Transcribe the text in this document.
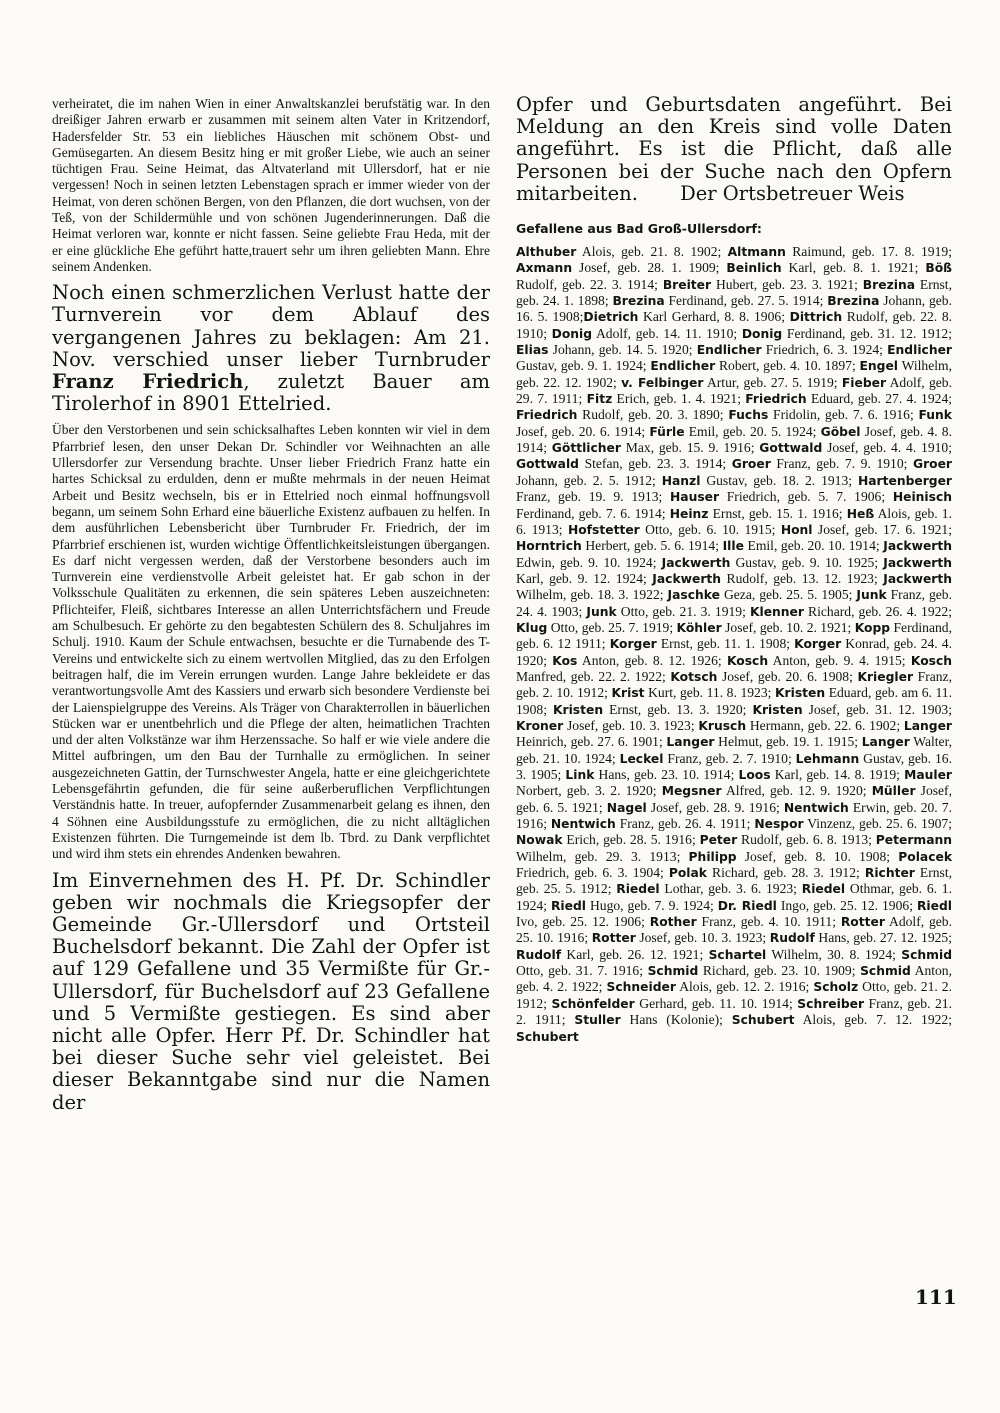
verheiratet, die im nahen Wien in einer Anwaltskanzlei berufstätig war. In den dreißiger Jahren erwarb er zusammen mit seinem alten Vater in Kritzendorf, Hadersfelder Str. 53 ein liebliches Häuschen mit schönem Obst- und Gemüsegarten. An diesem Besitz hing er mit großer Liebe, wie auch an seiner tüchtigen Frau. Seine Heimat, das Altvaterland mit Ullersdorf, hat er nie vergessen! Noch in seinen letzten Lebenstagen sprach er immer wieder von der Heimat, von deren schönen Bergen, von den Pflanzen, die dort wuchsen, von der Teß, von der Schildermühle und von schönen Jugenderinnerungen. Daß die Heimat verloren war, konnte er nicht fassen. Seine geliebte Frau Heda, mit der er eine glückliche Ehe geführt hatte,trauert sehr um ihren geliebten Mann. Ehre seinem Andenken.

Noch einen schmerzlichen Verlust hatte der Turnverein vor dem Ablauf des vergangenen Jahres zu beklagen: Am 21. Nov. verschied unser lieber Turnbruder Franz Friedrich, zuletzt Bauer am Tirolerhof in 8901 Ettelried.

Über den Verstorbenen und sein schicksalhaftes Leben konnten wir viel in dem Pfarrbrief lesen, den unser Dekan Dr. Schindler vor Weihnachten an alle Ullersdorfer zur Versendung brachte. Unser lieber Friedrich Franz hatte ein hartes Schicksal zu erdulden, denn er mußte mehrmals in der neuen Heimat Arbeit und Besitz wechseln, bis er in Ettelried noch einmal hoffnungsvoll begann, um seinem Sohn Erhard eine bäuerliche Existenz aufbauen zu helfen. In dem ausführlichen Lebensbericht über Turnbruder Fr. Friedrich, der im Pfarrbrief erschienen ist, wurden wichtige Öffentlichkeitsleistungen übergangen. Es darf nicht vergessen werden, daß der Verstorbene besonders auch im Turnverein eine verdienstvolle Arbeit geleistet hat. Er gab schon in der Volksschule Qualitäten zu erkennen, die sein späteres Leben auszeichneten: Pflichteifer, Fleiß, sichtbares Interesse an allen Unterrichtsfächern und Freude am Schulbesuch. Er gehörte zu den begabtesten Schülern des 8. Schuljahres im Schulj. 1910. Kaum der Schule entwachsen, besuchte er die Turnabende des T-Vereins und entwickelte sich zu einem wertvollen Mitglied, das zu den Erfolgen beitragen half, die im Verein errungen wurden. Lange Jahre bekleidete er das verantwortungsvolle Amt des Kassiers und erwarb sich besondere Verdienste bei der Laienspielgruppe des Vereins. Als Träger von Charakterrollen in bäuerlichen Stücken war er unentbehrlich und die Pflege der alten, heimatlichen Trachten und der alten Volkstänze war ihm Herzenssache. So half er wie viele andere die Mittel aufbringen, um den Bau der Turnhalle zu ermöglichen. In seiner ausgezeichneten Gattin, der Turnschwester Angela, hatte er eine gleichgerichtete Lebensgefährtin gefunden, die für seine außerberuflichen Verpflichtungen Verständnis hatte. In treuer, aufopfernder Zusammenarbeit gelang es ihnen, den 4 Söhnen eine Ausbildungsstufe zu ermöglichen, die zu nicht alltäglichen Existenzen führten. Die Turngemeinde ist dem lb. Tbrd. zu Dank verpflichtet und wird ihm stets ein ehrendes Andenken bewahren.

Im Einvernehmen des H. Pf. Dr. Schindler geben wir nochmals die Kriegsopfer der Gemeinde Gr.-Ullersdorf und Ortsteil Buchelsdorf bekannt. Die Zahl der Opfer ist auf 129 Gefallene und 35 Vermißte für Gr.-Ullersdorf, für Buchelsdorf auf 23 Gefallene und 5 Vermißte gestiegen. Es sind aber nicht alle Opfer. Herr Pf. Dr. Schindler hat bei dieser Suche sehr viel geleistet. Bei dieser Bekanntgabe sind nur die Namen der

Opfer und Geburtsdaten angeführt. Bei Meldung an den Kreis sind volle Daten angeführt. Es ist die Pflicht, daß alle Personen bei der Suche nach den Opfern mitarbeiten. Der Ortsbetreuer Weis

Gefallene aus Bad Groß-Ullersdorf:

Althuber Alois, geb. 21. 8. 1902; Altmann Raimund, geb. 17. 8. 1919; Axmann Josef, geb. 28. 1. 1909; Beinlich Karl, geb. 8. 1. 1921; Böß Rudolf, geb. 22. 3. 1914; Breiter Hubert, geb. 23. 3. 1921; Brezina Ernst, geb. 24. 1. 1898; Brezina Ferdinand, geb. 27. 5. 1914; Brezina Johann, geb. 16. 5. 1908;Dietrich Karl Gerhard, 8. 8. 1906; Dittrich Rudolf, geb. 22. 8. 1910; Donig Adolf, geb. 14. 11. 1910; Donig Ferdinand, geb. 31. 12. 1912; Elias Johann, geb. 14. 5. 1920; Endlicher Friedrich, 6. 3. 1924; Endlicher Gustav, geb. 9. 1. 1924; Endlicher Robert, geb. 4. 10. 1897; Engel Wilhelm, geb. 22. 12. 1902; v. Felbinger Artur, geb. 27. 5. 1919; Fieber Adolf, geb. 29. 7. 1911; Fitz Erich, geb. 1. 4. 1921; Friedrich Eduard, geb. 27. 4. 1924; Friedrich Rudolf, geb. 20. 3. 1890; Fuchs Fridolin, geb. 7. 6. 1916; Funk Josef, geb. 20. 6. 1914; Fürle Emil, geb. 20. 5. 1924; Göbel Josef, geb. 4. 8. 1914; Göttlicher Max, geb. 15. 9. 1916; Gottwald Josef, geb. 4. 4. 1910; Gottwald Stefan, geb. 23. 3. 1914; Groer Franz, geb. 7. 9. 1910; Groer Johann, geb. 2. 5. 1912; Hanzl Gustav, geb. 18. 2. 1913; Hartenberger Franz, geb. 19. 9. 1913; Hauser Friedrich, geb. 5. 7. 1906; Heinisch Ferdinand, geb. 7. 6. 1914; Heinz Ernst, geb. 15. 1. 1916; Heß Alois, geb. 1. 6. 1913; Hofstetter Otto, geb. 6. 10. 1915; Honl Josef, geb. 17. 6. 1921; Horntrich Herbert, geb. 5. 6. 1914; Ille Emil, geb. 20. 10. 1914; Jackwerth Edwin, geb. 9. 10. 1924; Jackwerth Gustav, geb. 9. 10. 1925; Jackwerth Karl, geb. 9. 12. 1924; Jackwerth Rudolf, geb. 13. 12. 1923; Jackwerth Wilhelm, geb. 18. 3. 1922; Jaschke Geza, geb. 25. 5. 1905; Junk Franz, geb. 24. 4. 1903; Junk Otto, geb. 21. 3. 1919; Klenner Richard, geb. 26. 4. 1922; Klug Otto, geb. 25. 7. 1919; Köhler Josef, geb. 10. 2. 1921; Kopp Ferdinand, geb. 6. 12 1911; Korger Ernst, geb. 11. 1. 1908; Korger Konrad, geb. 24. 4. 1920; Kos Anton, geb. 8. 12. 1926; Kosch Anton, geb. 9. 4. 1915; Kosch Manfred, geb. 22. 2. 1922; Kotsch Josef, geb. 20. 6. 1908; Kriegler Franz, geb. 2. 10. 1912; Krist Kurt, geb. 11. 8. 1923; Kristen Eduard, geb. am 6. 11. 1908; Kristen Ernst, geb. 13. 3. 1920; Kristen Josef, geb. 31. 12. 1903; Kroner Josef, geb. 10. 3. 1923; Krusch Hermann, geb. 22. 6. 1902; Langer Heinrich, geb. 27. 6. 1901; Langer Helmut, geb. 19. 1. 1915; Langer Walter, geb. 21. 10. 1924; Leckel Franz, geb. 2. 7. 1910; Lehmann Gustav, geb. 16. 3. 1905; Link Hans, geb. 23. 10. 1914; Loos Karl, geb. 14. 8. 1919; Mauler Norbert, geb. 3. 2. 1920; Megsner Alfred, geb. 12. 9. 1920; Müller Josef, geb. 6. 5. 1921; Nagel Josef, geb. 28. 9. 1916; Nentwich Erwin, geb. 20. 7. 1916; Nentwich Franz, geb. 26. 4. 1911; Nespor Vinzenz, geb. 25. 6. 1907; Nowak Erich, geb. 28. 5. 1916; Peter Rudolf, geb. 6. 8. 1913; Petermann Wilhelm, geb. 29. 3. 1913; Philipp Josef, geb. 8. 10. 1908; Polacek Friedrich, geb. 6. 3. 1904; Polak Richard, geb. 28. 3. 1912; Richter Ernst, geb. 25. 5. 1912; Riedel Lothar, geb. 3. 6. 1923; Riedel Othmar, geb. 6. 1. 1924; Riedl Hugo, geb. 7. 9. 1924; Dr. Riedl Ingo, geb. 25. 12. 1906; Riedl Ivo, geb. 25. 12. 1906; Rother Franz, geb. 4. 10. 1911; Rotter Adolf, geb. 25. 10. 1916; Rotter Josef, geb. 10. 3. 1923; Rudolf Hans, geb. 27. 12. 1925; Rudolf Karl, geb. 26. 12. 1921; Schartel Wilhelm, 30. 8. 1924; Schmid Otto, geb. 31. 7. 1916; Schmid Richard, geb. 23. 10. 1909; Schmid Anton, geb. 4. 2. 1922; Schneider Alois, geb. 12. 2. 1916; Scholz Otto, geb. 21. 2. 1912; Schönfelder Gerhard, geb. 11. 10. 1914; Schreiber Franz, geb. 21. 2. 1911; Stuller Hans (Kolonie); Schubert Alois, geb. 7. 12. 1922; Schubert

111
